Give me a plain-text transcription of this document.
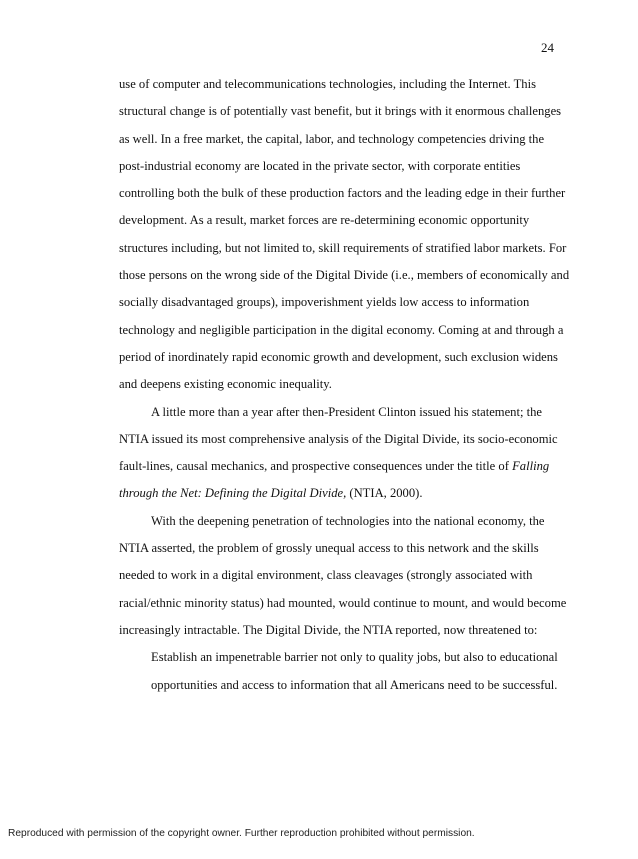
24
use of computer and telecommunications technologies, including the Internet. This
structural change is of potentially vast benefit, but it brings with it enormous challenges
as well. In a free market, the capital, labor, and technology competencies driving the
post-industrial economy are located in the private sector, with corporate entities
controlling both the bulk of these production factors and the leading edge in their further
development. As a result, market forces are re-determining economic opportunity
structures including, but not limited to, skill requirements of stratified labor markets. For
those persons on the wrong side of the Digital Divide (i.e., members of economically and
socially disadvantaged groups), impoverishment yields low access to information
technology and negligible participation in the digital economy. Coming at and through a
period of inordinately rapid economic growth and development, such exclusion widens
and deepens existing economic inequality.
A little more than a year after then-President Clinton issued his statement; the
NTIA issued its most comprehensive analysis of the Digital Divide, its socio-economic
fault-lines, causal mechanics, and prospective consequences under the title of Falling
through the Net: Defining the Digital Divide, (NTIA, 2000).
With the deepening penetration of technologies into the national economy, the
NTIA asserted, the problem of grossly unequal access to this network and the skills
needed to work in a digital environment, class cleavages (strongly associated with
racial/ethnic minority status) had mounted, would continue to mount, and would become
increasingly intractable. The Digital Divide, the NTIA reported, now threatened to:
Establish an impenetrable barrier not only to quality jobs, but also to educational
opportunities and access to information that all Americans need to be successful.
Reproduced with permission of the copyright owner. Further reproduction prohibited without permission.
